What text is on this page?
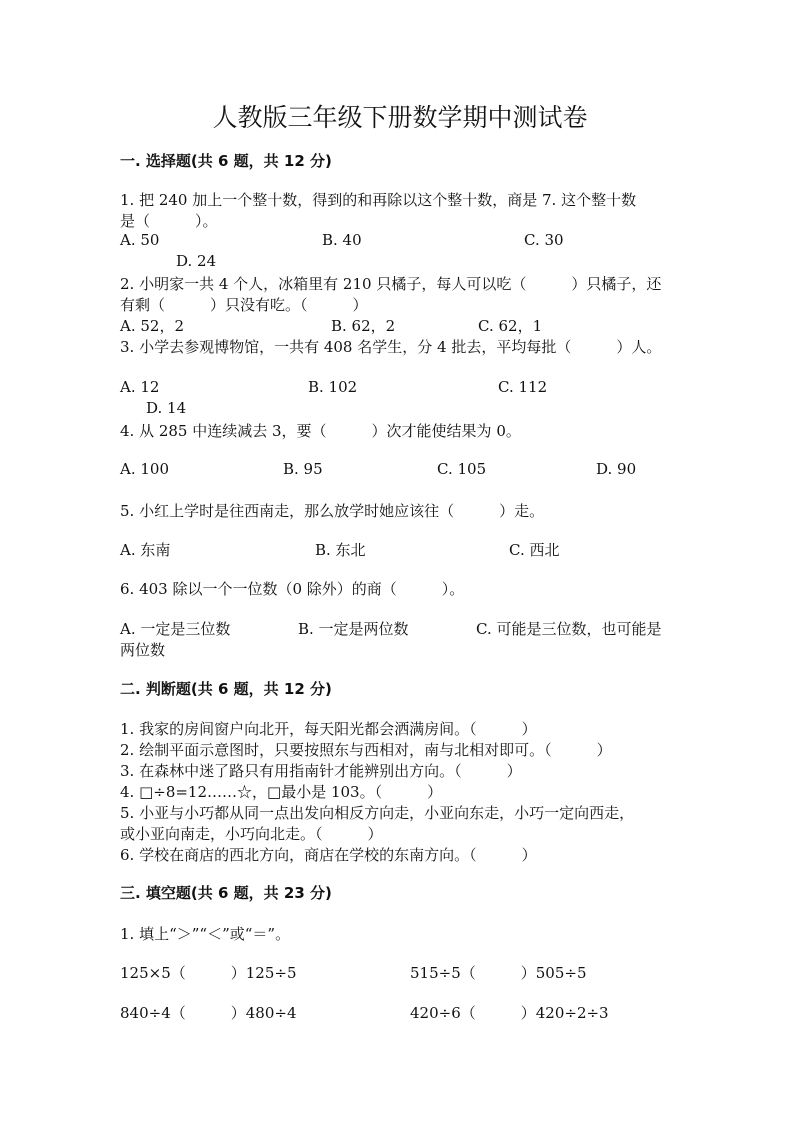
人教版三年级下册数学期中测试卷
一. 选择题(共 6 题，共 12 分)
1. 把 240 加上一个整十数，得到的和再除以这个整十数，商是 7. 这个整十数
是（　　　）。
A. 50	B. 40	C. 30
D. 24
2. 小明家一共 4 个人，冰箱里有 210 只橘子，每人可以吃（　　　）只橘子，还
有剩（　　　）只没有吃。（　　　）
A. 52，2	B. 62，2	C. 62，1
3. 小学去参观博物馆，一共有 408 名学生，分 4 批去，平均每批（　　　）人。
A. 12	B. 102	C. 112
D. 14
4. 从 285 中连续减去 3，要（　　　）次才能使结果为 0。
A. 100	B. 95	C. 105	D. 90
5. 小红上学时是往西南走，那么放学时她应该往（　　　）走。
A. 东南	B. 东北	C. 西北
6. 403 除以一个一位数（0 除外）的商（　　　）。
A. 一定是三位数	B. 一定是两位数	C. 可能是三位数，也可能是
两位数
二. 判断题(共 6 题，共 12 分)
1. 我家的房间窗户向北开，每天阳光都会洒满房间。（　　　）
2. 绘制平面示意图时，只要按照东与西相对，南与北相对即可。（　　　）
3. 在森林中迷了路只有用指南针才能辨别出方向。（　　　）
4. □÷8=12……☆，□最小是 103。（　　　）
5. 小亚与小巧都从同一点出发向相反方向走，小亚向东走，小巧一定向西走，
或小亚向南走，小巧向北走。（　　　）
6. 学校在商店的西北方向，商店在学校的东南方向。（　　　）
三. 填空题(共 6 题，共 23 分)
1. 填上“＞”“＜”或“＝”。
125×5（　　　）125÷5	515÷5（　　　）505÷5
840÷4（　　　）480÷4	420÷6（　　　）420÷2÷3
